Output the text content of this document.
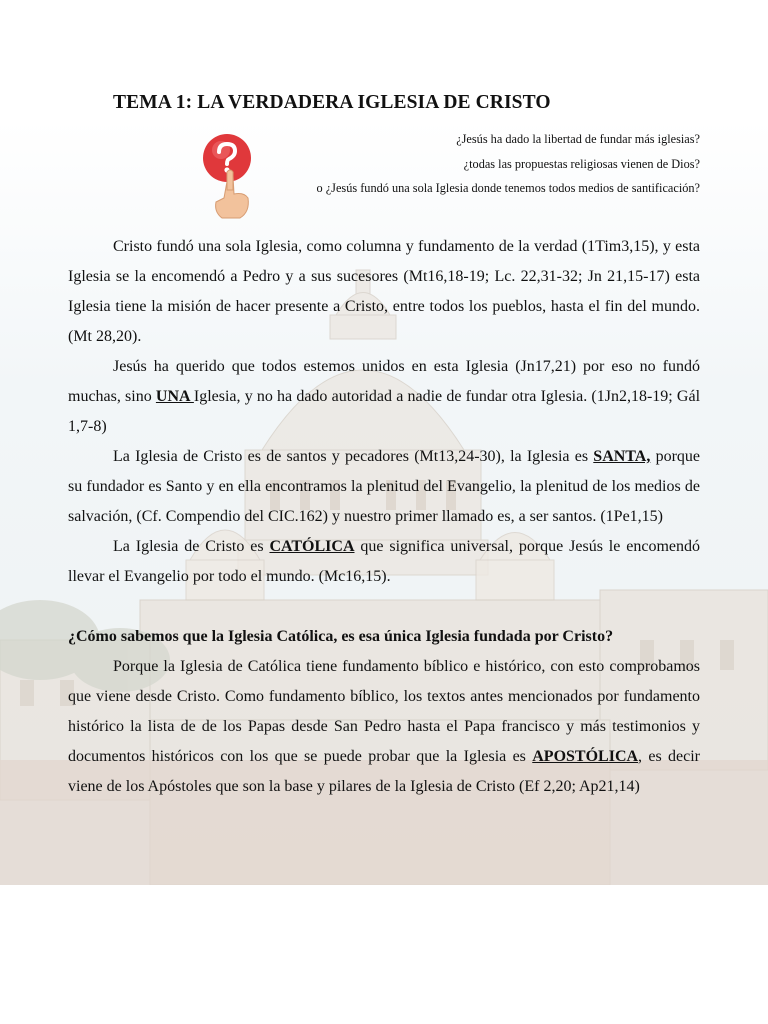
TEMA 1: LA VERDADERA IGLESIA DE CRISTO
¿Jesús ha dado la libertad de fundar más iglesias?
¿todas las propuestas religiosas vienen de Dios?
o ¿Jesús fundó una sola Iglesia donde tenemos todos medios de santificación?

Cristo fundó una sola Iglesia, como columna y fundamento de la verdad (1Tim3,15), y esta Iglesia se la encomendó a Pedro y a sus sucesores (Mt16,18-19; Lc. 22,31-32; Jn 21,15-17) esta Iglesia tiene la misión de hacer presente a Cristo, entre todos los pueblos, hasta el fin del mundo. (Mt 28,20).

Jesús ha querido que todos estemos unidos en esta Iglesia (Jn17,21) por eso no fundó muchas, sino UNA Iglesia, y no ha dado autoridad a nadie de fundar otra Iglesia. (1Jn2,18-19; Gál 1,7-8)

La Iglesia de Cristo es de santos y pecadores (Mt13,24-30), la Iglesia es SANTA, porque su fundador es Santo y en ella encontramos la plenitud del Evangelio, la plenitud de los medios de salvación, (Cf. Compendio del CIC.162) y nuestro primer llamado es, a ser santos. (1Pe1,15)

La Iglesia de Cristo es CATÓLICA que significa universal, porque Jesús le encomendó llevar el Evangelio por todo el mundo. (Mc16,15).

¿Cómo sabemos que la Iglesia Católica, es esa única Iglesia fundada por Cristo?

Porque la Iglesia de Católica tiene fundamento bíblico e histórico, con esto comprobamos que viene desde Cristo. Como fundamento bíblico, los textos antes mencionados por fundamento histórico la lista de de los Papas desde San Pedro hasta el Papa francisco y más testimonios y documentos históricos con los que se puede probar que la Iglesia es APOSTÓLICA, es decir viene de los Apóstoles que son la base y pilares de la Iglesia de Cristo (Ef 2,20; Ap21,14)
